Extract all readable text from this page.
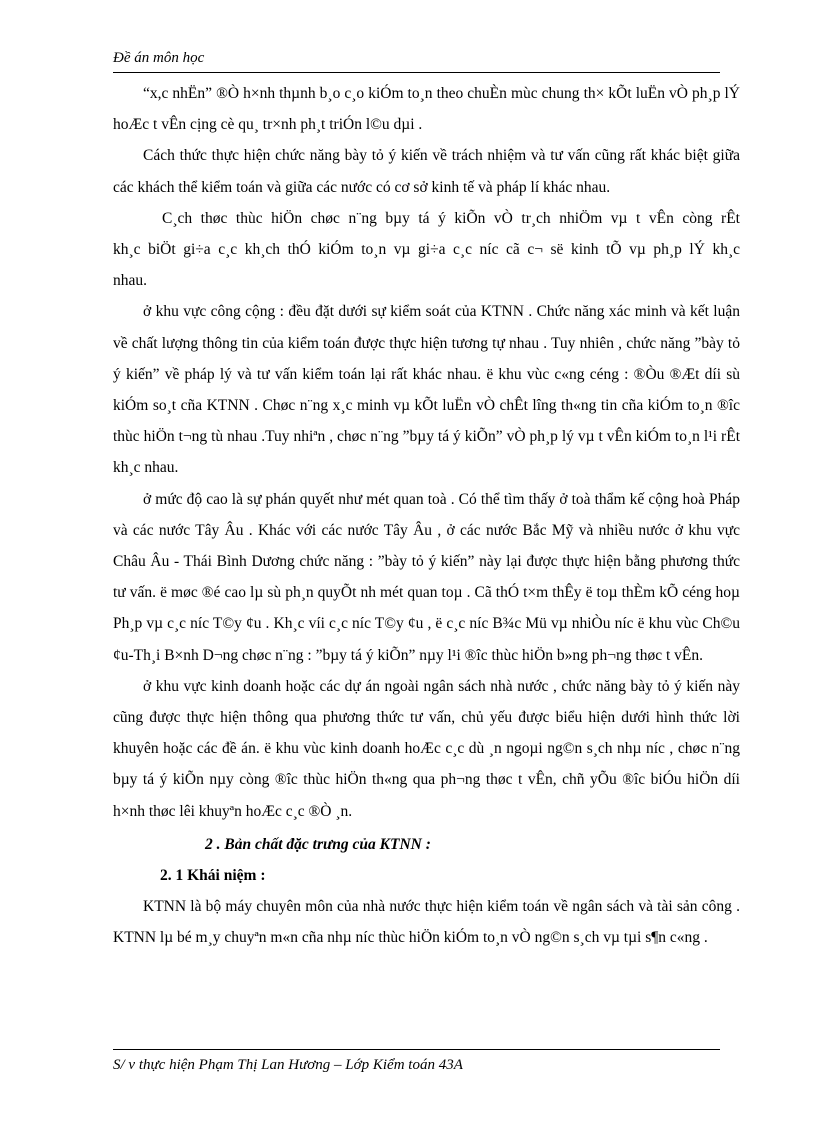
Đề án môn học

“x,c nhËn” ®Ò h×nh thµnh b¸o c¸o kiÓm to¸n theo chuÈn mùc chung th× kÕt luËn vÒ ph¸p lÝ hoÆc t vÊn cịng cè qu¸ tr×nh ph¸t triÓn l©u dµi .

Cách thức thực hiện chức năng bày tỏ ý kiến về trách nhiệm và tư vấn cũng rất khác biệt giữa các khách thể kiểm toán và giữa các nước có cơ sở kinh tế và pháp lí khác nhau.

C¸ch thøc thùc hiÖn chøc n¨ng bµy tá ý kiÕn vÒ tr¸ch nhiÖm vµ t vÊn còng rÊt kh¸c biÖt gi÷a c¸c kh¸ch thÓ kiÓm to¸n vµ gi÷a c¸c níc cã c¬ së kinh tÕ vµ ph¸p lÝ kh¸c nhau.

ở khu vực công cộng : đều đặt dưới sự kiểm soát của KTNN . Chức năng xác minh và kết luận về chất lượng thông tin của kiểm toán được thực hiện tương tự nhau . Tuy nhiên , chức năng ”bày tỏ ý kiến” về pháp lý và tư vấn kiểm toán lại rất khác nhau. ë khu vùc c«ng céng : ®Òu ®Æt díi sù kiÓm so¸t cña KTNN . Chøc n¨ng x¸c minh vµ kÕt luËn vÒ chÊt lîng th«ng tin cña kiÓm to¸n ®îc thùc hiÖn t¬ng tù nhau .Tuy nhiªn , chøc n¨ng ”bµy tá ý kiÕn” vÒ ph¸p lý vµ t vÊn kiÓm to¸n l¹i rÊt kh¸c nhau.

ở mức độ cao là sự phán quyết như mét quan toà . Có thể tìm thấy ở toà thẩm kế cộng hoà Pháp và các nước Tây Âu . Khác với các nước Tây Âu , ở các nước Bắc Mỹ và nhiều nước ở khu vực Châu Âu - Thái Bình Dương chức năng : ”bày tỏ ý kiến” này lại được thực hiện bằng phương thức tư vấn. ë møc ®é cao lµ sù ph¸n quyÕt nh mét quan toµ . Cã thÓ t×m thÊy ë toµ thÈm kÕ céng hoµ Ph¸p vµ c¸c níc T©y ¢u . Kh¸c víi c¸c níc T©y ¢u , ë c¸c níc B¾c Mü vµ nhiÒu níc ë khu vùc Ch©u ¢u-Th¸i B×nh D¬ng chøc n¨ng : ”bµy tá ý kiÕn” nµy l¹i ®îc thùc hiÖn b»ng ph¬ng thøc t vÊn.

ở khu vực kinh doanh hoặc các dự án ngoài ngân sách nhà nước , chức năng bày tỏ ý kiến này cũng được thực hiện thông qua phương thức tư vấn, chủ yếu được biểu hiện dưới hình thức lời khuyên hoặc các đề án. ë khu vùc kinh doanh hoÆc c¸c dù ¸n ngoµi ng©n s¸ch nhµ níc , chøc n¨ng bµy tá ý kiÕn nµy còng ®îc thùc hiÖn th«ng qua ph¬ng thøc t vÊn, chñ yÕu ®îc biÓu hiÖn díi h×nh thøc lêi khuyªn hoÆc c¸c ®Ò ¸n.

2 . Bản chất đặc trưng của KTNN :

2. 1 Khái niệm :

KTNN là bộ máy chuyên môn của nhà nước thực hiện kiểm toán về ngân sách và tài sản công . KTNN lµ bé m¸y chuyªn m«n cña nhµ níc thùc hiÖn kiÓm to¸n vÒ ng©n s¸ch vµ tµi s¶n c«ng .

S/ v thực hiện Phạm Thị Lan Hương – Lớp Kiểm toán 43A
